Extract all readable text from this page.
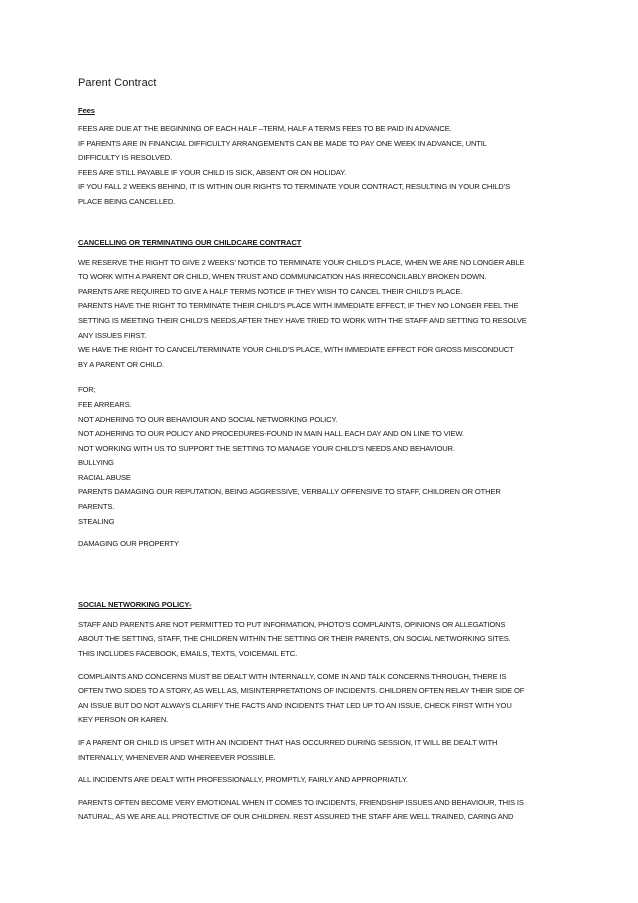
Parent Contract

Fees

FEES ARE DUE AT THE BEGINNING OF EACH HALF –TERM, HALF A TERMS FEES TO BE PAID IN ADVANCE.

IF PARENTS ARE IN FINANCIAL DIFFICULTY ARRANGEMENTS CAN BE MADE TO PAY ONE WEEK IN ADVANCE, UNTIL

DIFFICULTY IS RESOLVED.

FEES ARE STILL PAYABLE IF YOUR CHILD IS SICK, ABSENT OR ON HOLIDAY.

IF YOU FALL 2 WEEKS BEHIND, IT IS WITHIN OUR RIGHTS TO TERMINATE YOUR CONTRACT, RESULTING IN YOUR CHILD’S

PLACE BEING CANCELLED.

CANCELLING OR TERMINATING OUR CHILDCARE CONTRACT

WE RESERVE THE RIGHT TO GIVE 2 WEEKS’ NOTICE TO TERMINATE YOUR CHILD’S PLACE, WHEN WE ARE NO LONGER ABLE

TO WORK WITH A PARENT OR CHILD, WHEN TRUST AND COMMUNICATION HAS IRRECONCILABLY BROKEN DOWN.

PARENTS ARE REQUIRED TO GIVE A HALF TERMS NOTICE IF THEY WISH TO CANCEL THEIR CHILD’S PLACE.

PARENTS HAVE THE RIGHT TO TERMINATE THEIR CHILD’S PLACE WITH IMMEDIATE EFFECT, IF THEY NO LONGER FEEL THE

SETTING IS MEETING THEIR CHILD’S NEEDS,AFTER THEY HAVE TRIED TO WORK WITH THE STAFF AND SETTING TO RESOLVE

ANY ISSUES FIRST.

WE HAVE THE RIGHT TO CANCEL/TERMINATE YOUR CHILD’S PLACE, WITH IMMEDIATE EFFECT FOR GROSS MISCONDUCT

BY A PARENT OR CHILD.

FOR;

FEE ARREARS.

NOT ADHERING TO OUR BEHAVIOUR AND SOCIAL NETWORKING POLICY.

NOT ADHERING TO OUR POLICY AND PROCEDURES-FOUND IN MAIN HALL EACH DAY AND ON LINE TO VIEW.

NOT WORKING WITH US TO SUPPORT THE SETTING TO MANAGE YOUR CHILD’S NEEDS AND BEHAVIOUR.

BULLYING

RACIAL ABUSE

PARENTS DAMAGING OUR REPUTATION, BEING AGGRESSIVE, VERBALLY OFFENSIVE TO STAFF, CHILDREN OR OTHER

PARENTS.

STEALING

DAMAGING OUR PROPERTY

SOCIAL NETWORKING POLICY-

STAFF AND PARENTS ARE NOT PERMITTED TO PUT INFORMATION, PHOTO’S COMPLAINTS, OPINIONS OR ALLEGATIONS

ABOUT THE SETTING, STAFF, THE CHILDREN WITHIN THE SETTING OR THEIR PARENTS, ON SOCIAL NETWORKING SITES.

THIS INCLUDES FACEBOOK, EMAILS, TEXTS, VOICEMAIL ETC.

COMPLAINTS AND CONCERNS MUST BE DEALT WITH INTERNALLY, COME IN AND TALK CONCERNS THROUGH, THERE IS

OFTEN TWO SIDES TO A STORY, AS WELL AS, MISINTERPRETATIONS OF INCIDENTS. CHILDREN OFTEN RELAY THEIR SIDE OF

AN ISSUE BUT DO NOT ALWAYS CLARIFY THE FACTS AND INCIDENTS THAT LED UP TO AN ISSUE, CHECK FIRST WITH YOU

KEY PERSON OR KAREN.

IF A PARENT OR CHILD IS UPSET WITH AN INCIDENT THAT HAS OCCURRED DURING SESSION, IT WILL BE DEALT WITH

INTERNALLY, WHENEVER AND WHEREEVER POSSIBLE.

ALL INCIDENTS ARE DEALT WITH PROFESSIONALLY, PROMPTLY, FAIRLY AND APPROPRIATLY.

PARENTS OFTEN BECOME VERY EMOTIONAL WHEN IT COMES TO INCIDENTS, FRIENDSHIP ISSUES AND BEHAVIOUR, THIS IS

NATURAL, AS WE ARE ALL PROTECTIVE OF OUR CHILDREN. REST ASSURED THE STAFF ARE WELL TRAINED, CARING AND
